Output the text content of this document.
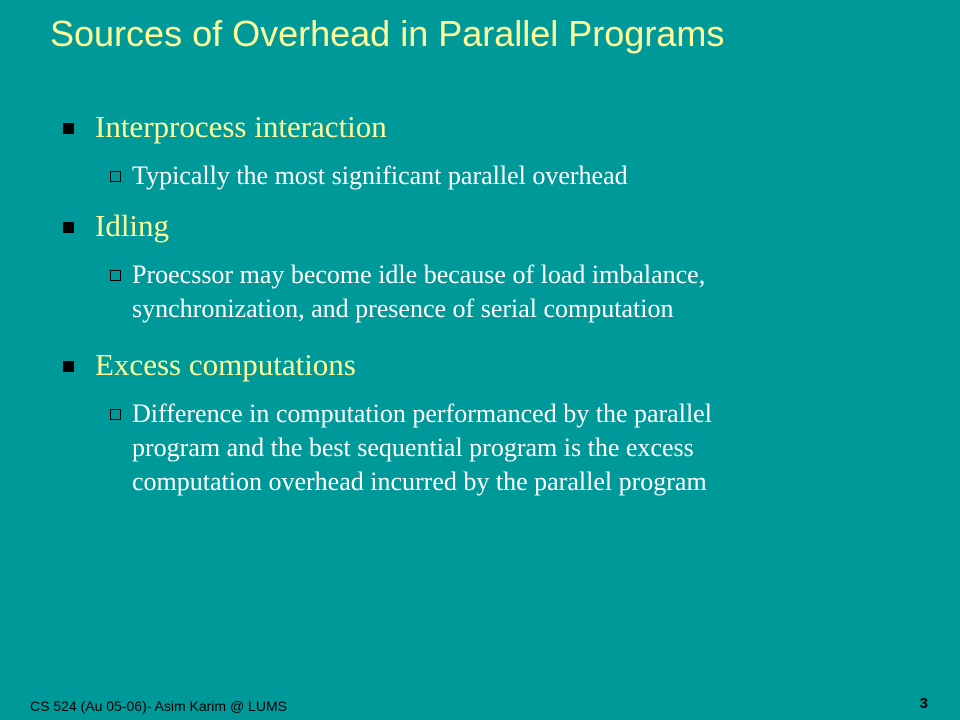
Sources of Overhead in Parallel Programs
Interprocess interaction
Typically the most significant parallel overhead
Idling
Proecssor may become idle because of load imbalance,
synchronization, and presence of serial computation
Excess computations
Difference in computation performanced by the parallel
program and the best sequential program is the excess
computation overhead incurred by the parallel program
CS 524 (Au 05-06)- Asim Karim @ LUMS	3
